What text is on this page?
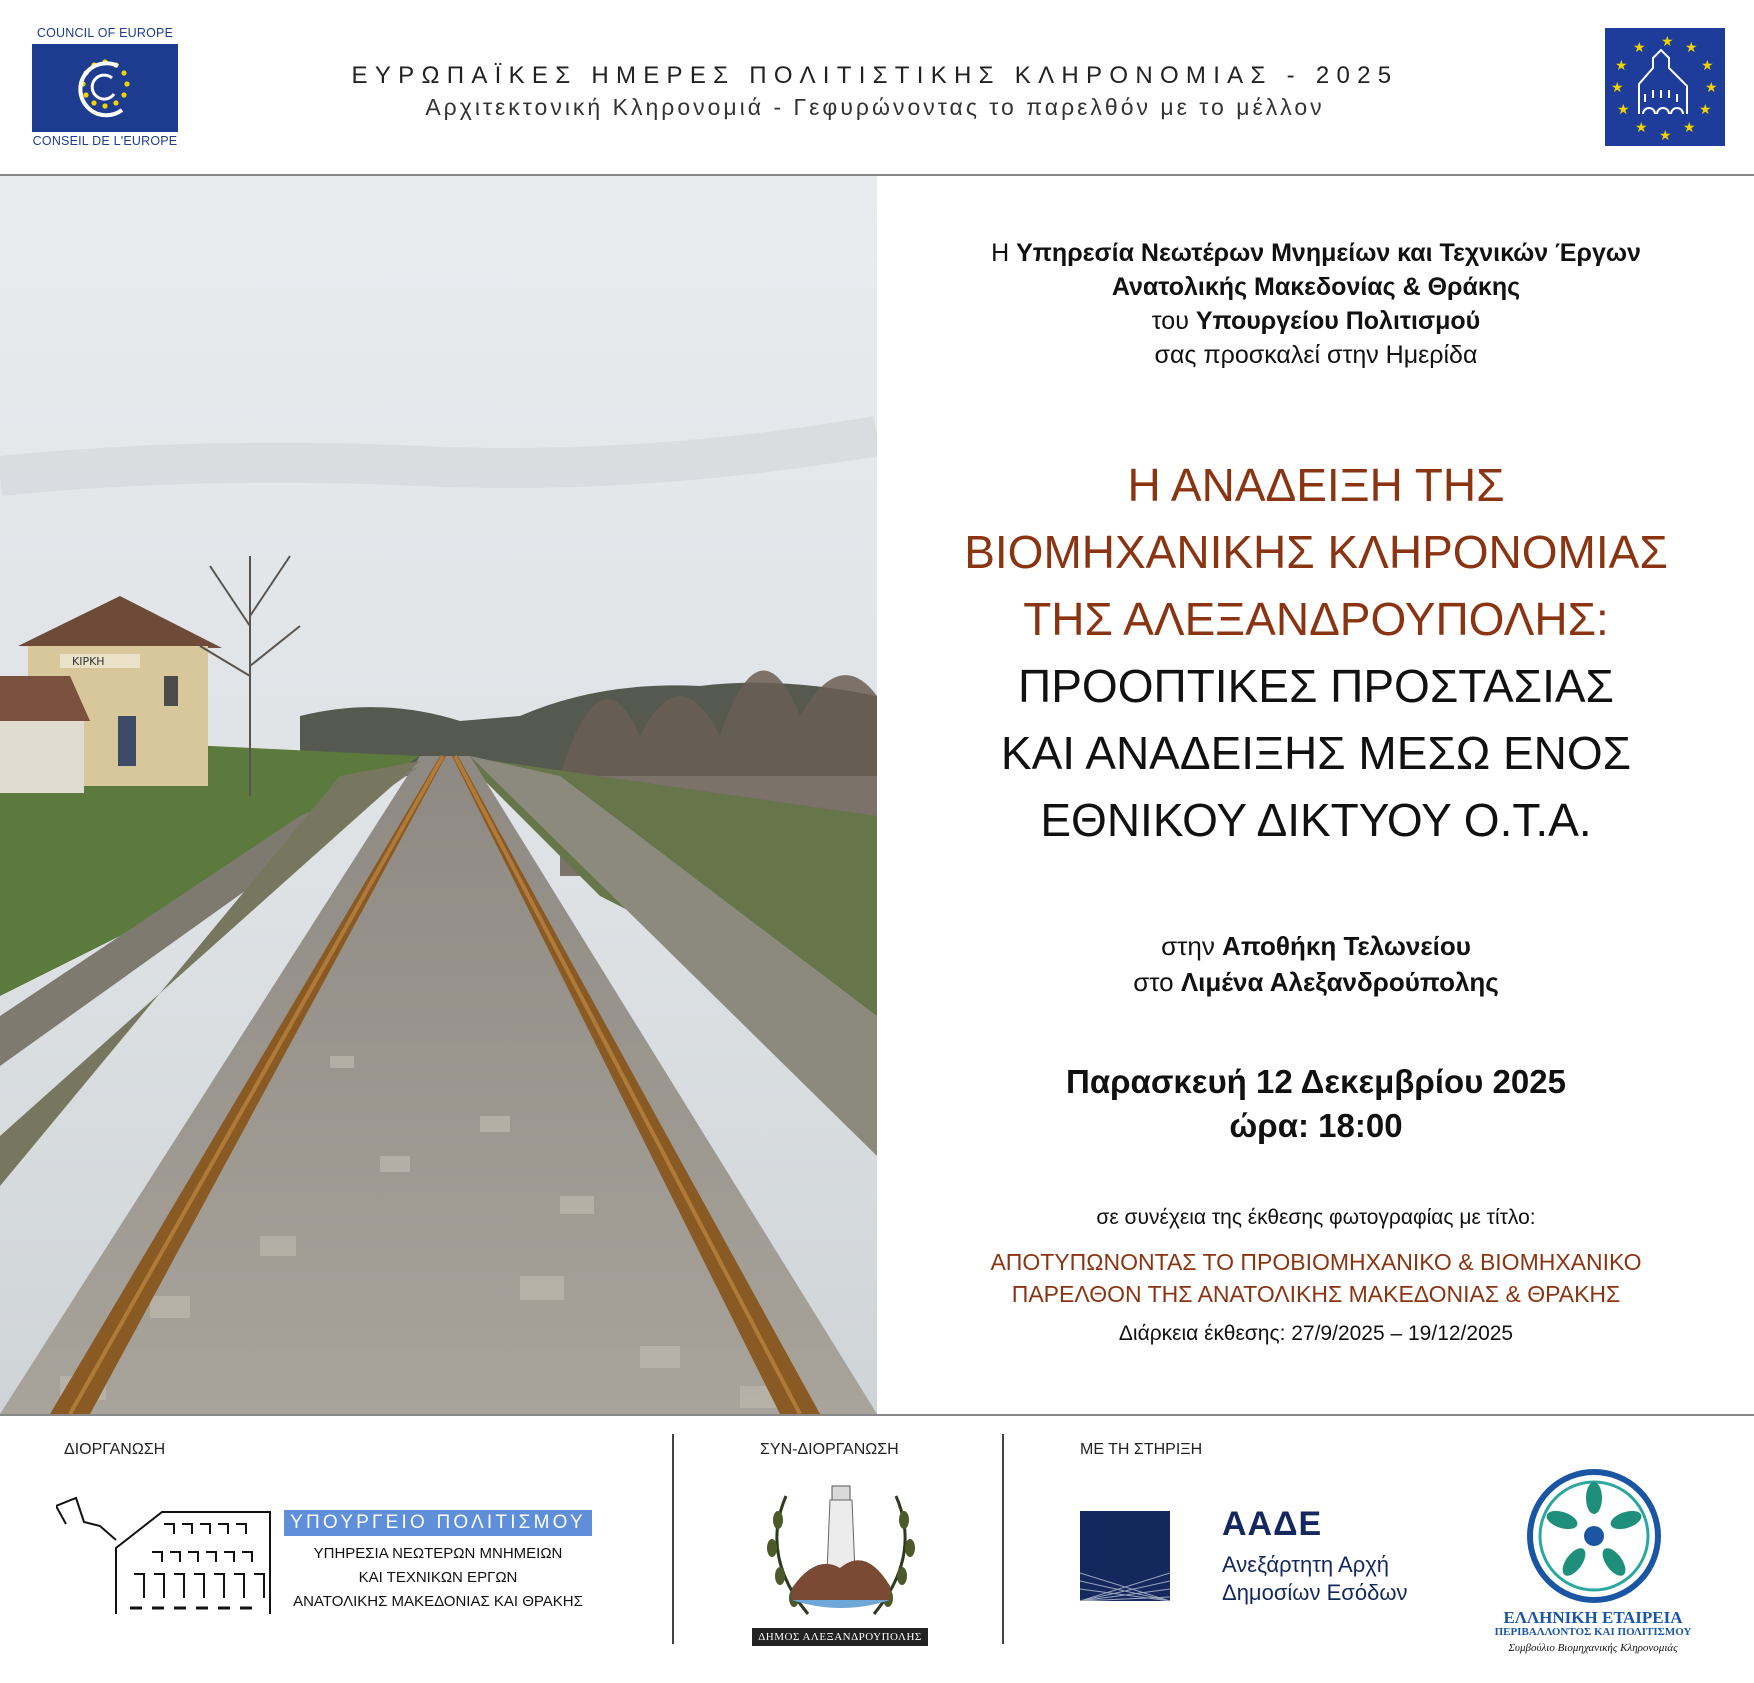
COUNCIL OF EUROPE
CONSEIL DE L'EUROPE
ΕΥΡΩΠΑΪΚΕΣ ΗΜΕΡΕΣ ΠΟΛΙΤΙΣΤΙΚΗΣ ΚΛΗΡΟΝΟΜΙΑΣ - 2025
Αρχιτεκτονική Κληρονομιά - Γεφυρώνοντας το παρελθόν με το μέλλον
★ ★
★
★
★
★
★
★
★
★
★
★
ΚΙΡΚΗ
Η Υπηρεσία Νεωτέρων Μνημείων και Τεχνικών Έργων
Ανατολικής Μακεδονίας & Θράκης
του Υπουργείου Πολιτισμού
σας προσκαλεί στην Ημερίδα
Η ΑΝΑΔΕΙΞΗ ΤΗΣ
ΒΙΟΜΗΧΑΝΙΚΗΣ ΚΛΗΡΟΝΟΜΙΑΣ
ΤΗΣ ΑΛΕΞΑΝΔΡΟΥΠΟΛΗΣ:
ΠΡΟΟΠΤΙΚΕΣ ΠΡΟΣΤΑΣΙΑΣ
ΚΑΙ ΑΝΑΔΕΙΞΗΣ ΜΕΣΩ ΕΝΟΣ
ΕΘΝΙΚΟΥ ΔΙΚΤΥΟΥ Ο.Τ.Α.
στην Αποθήκη Τελωνείου
στο Λιμένα Αλεξανδρούπολης
Παρασκευή 12 Δεκεμβρίου 2025
ώρα: 18:00
σε συνέχεια της έκθεσης φωτογραφίας με τίτλο:
ΑΠΟΤΥΠΩΝΟΝΤΑΣ ΤΟ ΠΡΟΒΙΟΜΗΧΑΝΙΚΟ & ΒΙΟΜΗΧΑΝΙΚΟ
ΠΑΡΕΛΘΟΝ ΤΗΣ ΑΝΑΤΟΛΙΚΗΣ ΜΑΚΕΔΟΝΙΑΣ & ΘΡΑΚΗΣ
Διάρκεια έκθεσης: 27/9/2025 – 19/12/2025
ΔΙΟΡΓΑΝΩΣΗ	ΣΥΝ-ΔΙΟΡΓΑΝΩΣΗ	ΜΕ ΤΗ ΣΤΗΡΙΞΗ
ΥΠΟΥΡΓΕΙΟ ΠΟΛΙΤΙΣΜΟΥ
ΥΠΗΡΕΣΙΑ ΝΕΩΤΕΡΩΝ ΜΝΗΜΕΙΩΝ
ΚΑΙ ΤΕΧΝΙΚΩΝ ΕΡΓΩΝ
ΑΝΑΤΟΛΙΚΗΣ ΜΑΚΕΔΟΝΙΑΣ ΚΑΙ ΘΡΑΚΗΣ
ΔΗΜΟΣ ΑΛΕΞΑΝΔΡΟΥΠΟΛΗΣ
ΑΑΔΕ
Ανεξάρτητη Αρχή
Δημοσίων Εσόδων
ΕΛΛΗΝΙΚΗ ΕΤΑΙΡΕΙΑ
ΠΕΡΙΒΑΛΛΟΝΤΟΣ ΚΑΙ ΠΟΛΙΤΙΣΜΟΥ
Συμβούλιο Βιομηχανικής Κληρονομιάς
